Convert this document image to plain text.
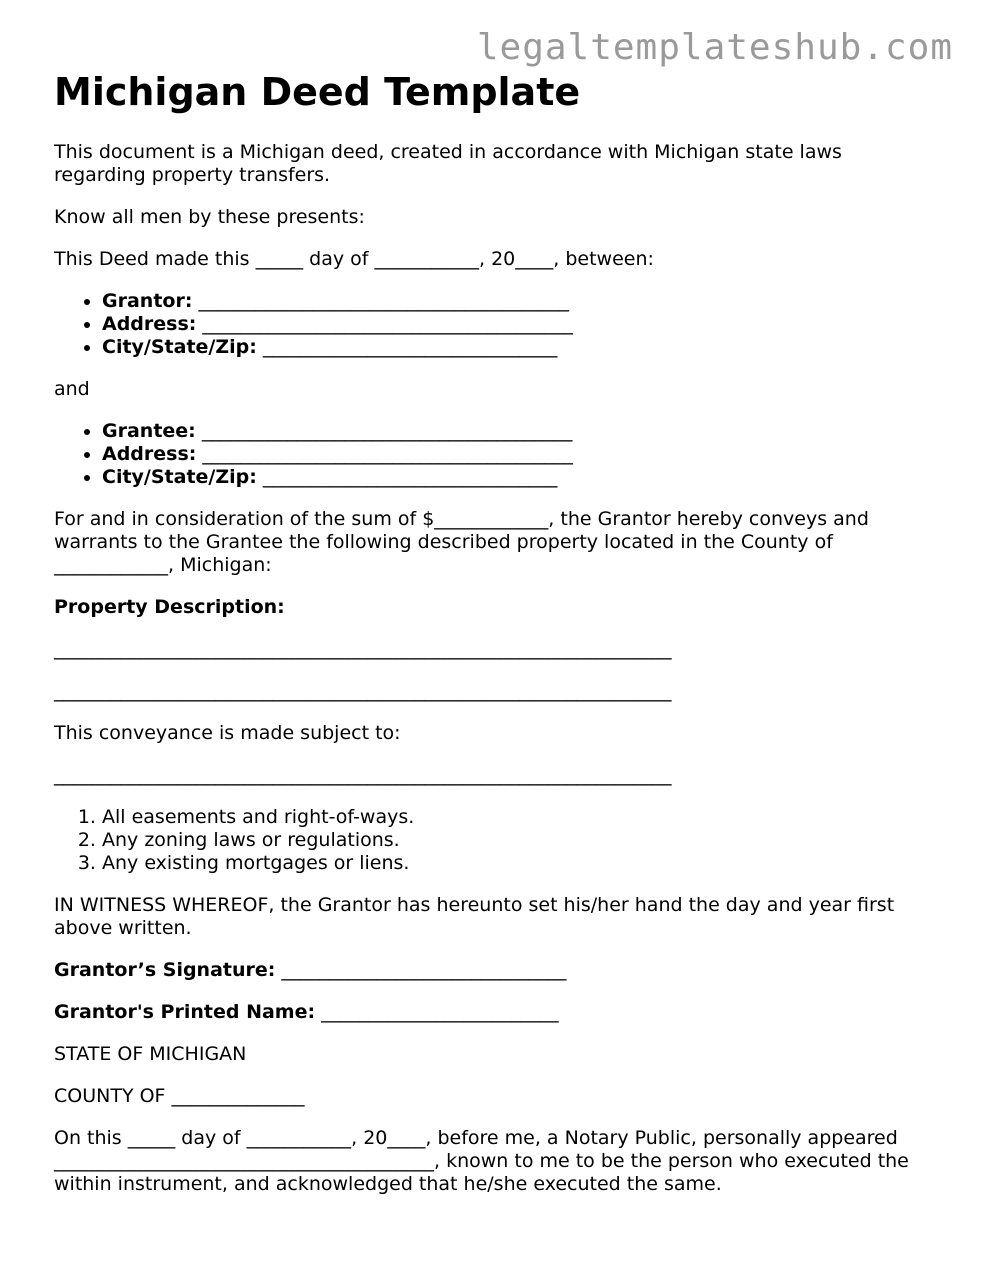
legaltemplateshub.com
Michigan Deed Template

This document is a Michigan deed, created in accordance with Michigan state laws regarding property transfers.

Know all men by these presents:

This Deed made this _____ day of ___________, 20____, between:

• Grantor: _______________________________________
• Address: _______________________________________
• City/State/Zip: _______________________________

and

• Grantee: _______________________________________
• Address: _______________________________________
• City/State/Zip: _______________________________

For and in consideration of the sum of $____________, the Grantor hereby conveys and warrants to the Grantee the following described property located in the County of ____________, Michigan:

Property Description:

_________________________________________________________________

_________________________________________________________________

This conveyance is made subject to:

_________________________________________________________________

1. All easements and right-of-ways.
2. Any zoning laws or regulations.
3. Any existing mortgages or liens.

IN WITNESS WHEREOF, the Grantor has hereunto set his/her hand the day and year first above written.

Grantor’s Signature: ______________________________

Grantor's Printed Name: _________________________

STATE OF MICHIGAN

COUNTY OF ______________

On this _____ day of ___________, 20____, before me, a Notary Public, personally appeared ________________________________________, known to me to be the person who executed the within instrument, and acknowledged that he/she executed the same.
